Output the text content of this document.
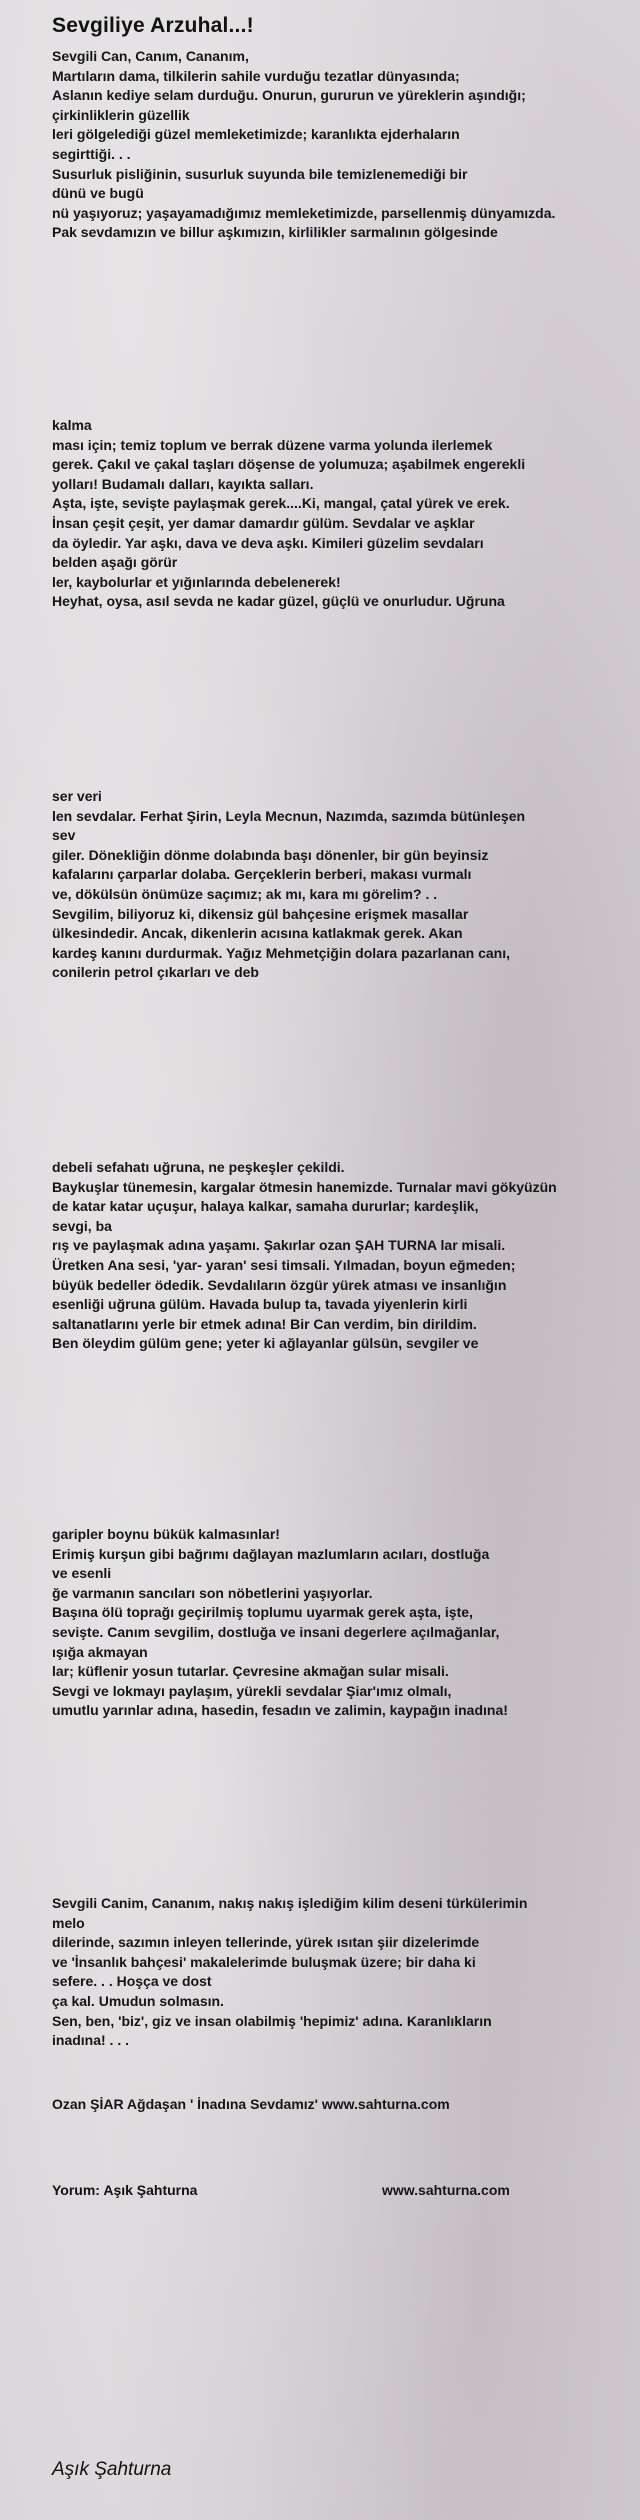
Sevgiliye Arzuhal...!
Sevgili Can, Canım, Cananım,
Martıların dama, tilkilerin sahile vurduğu tezatlar dünyasında;
Aslanın kediye selam durduğu. Onurun, gururun ve yüreklerin aşındığı;
çirkinliklerin güzellik
leri gölgelediği güzel memleketimizde; karanlıkta ejderhaların
segirttiği. . .
Susurluk pisliğinin, susurluk suyunda bile temizlenemediği bir
dünü ve bugü
nü yaşıyoruz; yaşayamadığımız memleketimizde, parsellenmiş dünyamızda.
Pak sevdamızın ve billur aşkımızın, kirlilikler sarmalının gölgesinde
kalma
ması için; temiz toplum ve berrak düzene varma yolunda ilerlemek
gerek. Çakıl ve çakal taşları döşense de yolumuza; aşabilmek engerekli
yolları! Budamalı dalları, kayıkta salları.
Aşta, işte, sevişte paylaşmak gerek....Ki, mangal, çatal yürek ve erek.
İnsan çeşit çeşit, yer damar damardır gülüm. Sevdalar ve aşklar
da öyledir. Yar aşkı, dava ve deva aşkı. Kimileri güzelim sevdaları
belden aşağı görür
ler, kaybolurlar et yığınlarında debelenerek!
Heyhat, oysa, asıl sevda ne kadar güzel, güçlü ve onurludur. Uğruna
ser veri
len sevdalar. Ferhat Şirin, Leyla Mecnun, Nazımda, sazımda bütünleşen
sev
giler. Dönekliğin dönme dolabında başı dönenler, bir gün beyinsiz
kafalarını çarparlar dolaba. Gerçeklerin berberi, makası vurmalı
ve, dökülsün önümüze saçımız; ak mı, kara mı görelim? . .
Sevgilim, biliyoruz ki, dikensiz gül bahçesine erişmek masallar
ülkesindedir. Ancak, dikenlerin acısına katlakmak gerek. Akan
kardeş kanını durdurmak. Yağız Mehmetçiğin dolara pazarlanan canı,
conilerin petrol çıkarları ve deb
debeli sefahatı uğruna, ne peşkeşler çekildi.
Baykuşlar tünemesin, kargalar ötmesin hanemizde. Turnalar mavi gökyüzün
de katar katar uçuşur, halaya kalkar, samaha dururlar; kardeşlik,
sevgi, ba
rış ve paylaşmak adına yaşamı. Şakırlar ozan ŞAH TURNA lar misali.
Üretken Ana sesi, 'yar- yaran' sesi timsali. Yılmadan, boyun eğmeden;
büyük bedeller ödedik. Sevdalıların özgür yürek atması ve insanlığın
esenliği uğruna gülüm. Havada bulup ta, tavada yiyenlerin kirli
saltanatlarını yerle bir etmek adına! Bir Can verdim, bin dirildim.
Ben öleydim gülüm gene; yeter ki ağlayanlar gülsün, sevgiler ve
garipler boynu bükük kalmasınlar!
Erimiş kurşun gibi bağrımı dağlayan mazlumların acıları, dostluğa
ve esenli
ğe varmanın sancıları son nöbetlerini yaşıyorlar.
Başına ölü toprağı geçirilmiş toplumu uyarmak gerek aşta, işte,
sevişte. Canım sevgilim, dostluğa ve insani degerlere açılmağanlar,
ışığa akmayan
lar; küflenir yosun tutarlar. Çevresine akmağan sular misali.
Sevgi ve lokmayı paylaşım, yürekli sevdalar Şiar'ımız olmalı,
umutlu yarınlar adına, hasedin, fesadın ve zalimin, kaypağın inadına!
Sevgili Canim, Cananım, nakış nakış işlediğim kilim deseni türkülerimin
melo
dilerinde, sazımın inleyen tellerinde, yürek ısıtan şiir dizelerimde
ve 'İnsanlık bahçesi' makalelerimde buluşmak üzere; bir daha ki
sefere. . . Hoşça ve dost
ça kal. Umudun solmasın.
Sen, ben, 'biz', giz ve insan olabilmiş 'hepimiz' adına. Karanlıkların
inadına! . . .
Ozan ŞİAR Ağdaşan ' İnadına Sevdamız' www.sahturna.com
Yorum: Aşık Şahturna	www.sahturna.com

Aşık Şahturna
